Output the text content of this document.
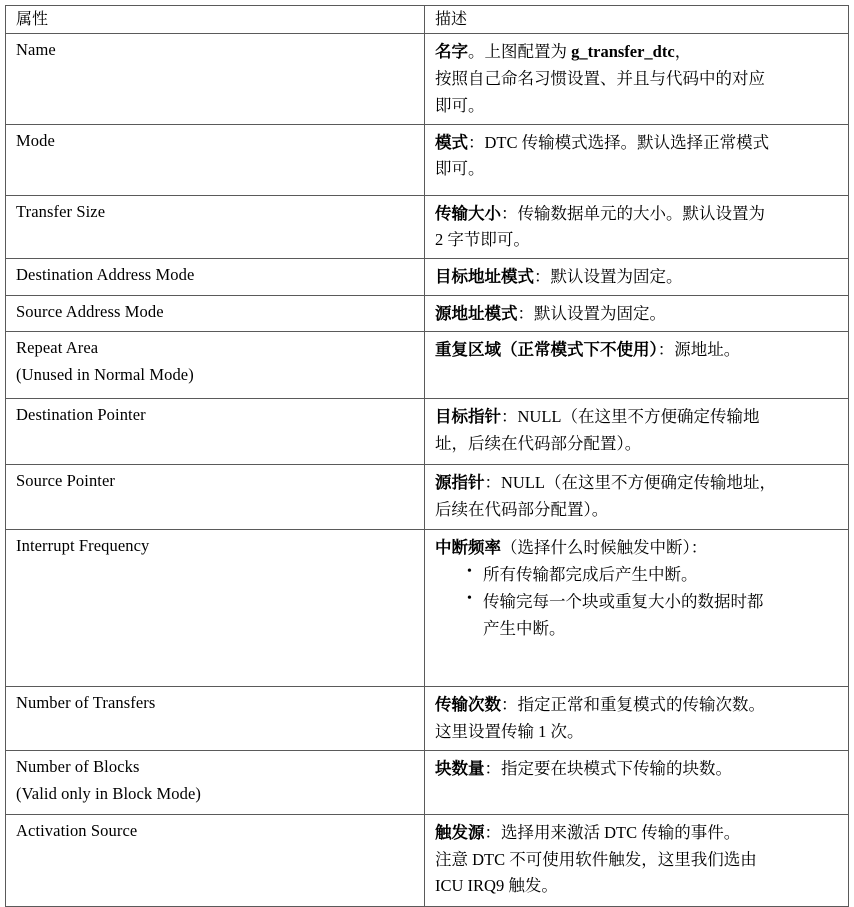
属性	描述

Name	名字。上图配置为 g_transfer_dtc，
按照自己命名习惯设置、并且与代码中的对应
即可。

Mode	模式：DTC 传输模式选择。默认选择正常模式
即可。

Transfer Size	传输大小：传输数据单元的大小。默认设置为
2 字节即可。

Destination Address Mode	目标地址模式：默认设置为固定。

Source Address Mode	源地址模式：默认设置为固定。

Repeat Area
(Unused in Normal Mode)	重复区域（正常模式下不使用）：源地址。

Destination Pointer	目标指针：NULL（在这里不方便确定传输地
址，后续在代码部分配置）。

Source Pointer	源指针：NULL（在这里不方便确定传输地址，
后续在代码部分配置）。

Interrupt Frequency	中断频率（选择什么时候触发中断）：
• 所有传输都完成后产生中断。
• 传输完每一个块或重复大小的数据时都
产生中断。

Number of Transfers	传输次数：指定正常和重复模式的传输次数。
这里设置传输 1 次。

Number of Blocks
(Valid only in Block Mode)	块数量：指定要在块模式下传输的块数。

Activation Source	触发源：选择用来激活 DTC 传输的事件。
注意 DTC 不可使用软件触发，这里我们选由
ICU IRQ9 触发。
